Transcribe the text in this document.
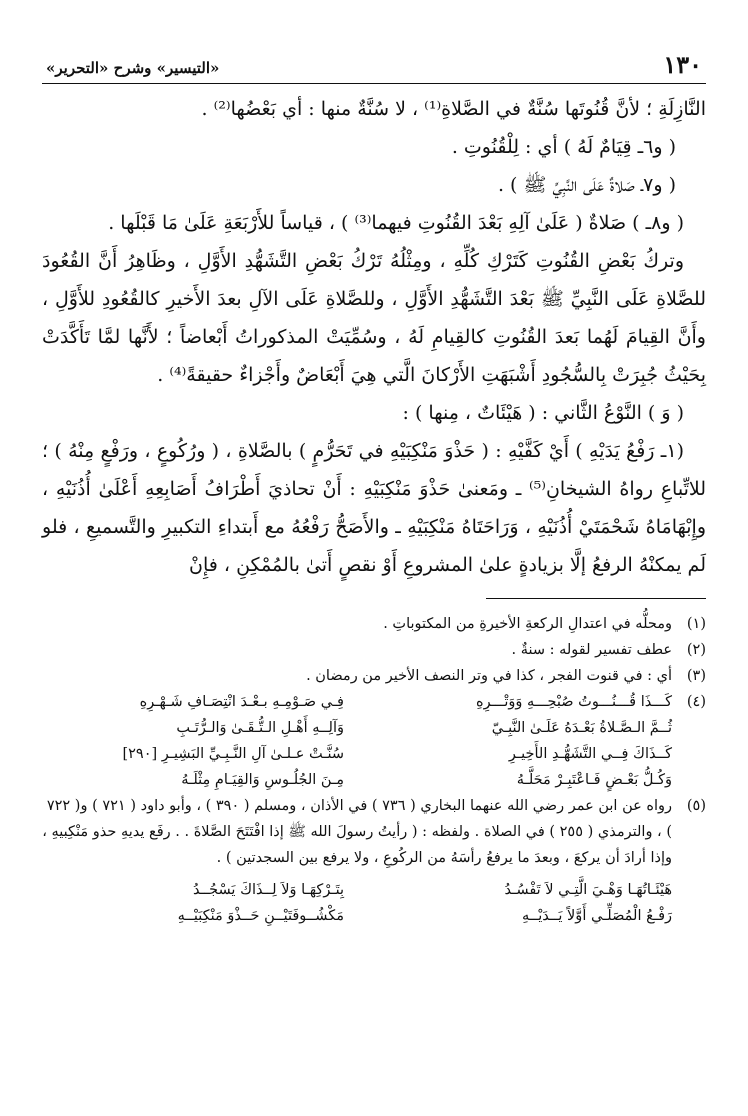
١٣٠
«التيسير» وشرح «التحرير»

النَّازِلَةِ ؛ لأنَّ قُنُوتَها سُنَّةٌ في الصَّلاةِ⁽¹⁾ ، لا سُنَّةٌ منها : أي بَعْضُها⁽²⁾ .

( و٦ـ قِيَامٌ لَهُ ) أي : لِلْقُنُوتِ .

( و٧ـ صَلاةٌ عَلَى النَّبِيِّ ﷺ ) .

( و٨ـ ) صَلاةٌ ( عَلَىٰ آلِهِ بَعْدَ القُنُوتِ فيهما⁽³⁾ ) ، قياساً للأَرْبَعَةِ عَلَىٰ مَا قَبْلَها .

وتركُ بَعْضِ القُنُوتِ كَتَرْكِ كُلِّهِ ، ومِثْلُهُ تَرْكُ بَعْضِ التَّشَهُّدِ الأَوَّلِ ، وظَاهِرُ أَنَّ القُعُودَ للصَّلاةِ عَلَى النَّبِيِّ ﷺ بَعْدَ التَّشَهُّدِ الأَوَّلِ ، وللصَّلاةِ عَلَى الآلِ بعدَ الأَخيرِ كالقُعُودِ للأَوَّلِ ، وأَنَّ القِيامَ لَهُما بَعدَ القُنُوتِ كالقِيامِ لَهُ ، وسُمِّيَتْ المذكوراتُ أَبْعاضاً ؛ لأَنَّها لمَّا تَأَكَّدَتْ بِحَيْثُ جُبِرَتْ بِالسُّجُودِ أَشْبَهَتِ الأَرْكانَ الَّتي هِيَ أَبْعَاضٌ وأَجْزاءٌ حقيقةً⁽⁴⁾ .

( وَ ) النَّوْعُ الثَّاني : ( هَيْئَاتٌ ، مِنها ) :

(١ـ رَفْعُ يَدَيْهِ ) أَيْ كَفَّيْهِ : ( حَذْوَ مَنْكِبَيْهِ في تَحَرُّمٍ ) بالصَّلاةِ ، ( ورُكُوعٍ ، ورَفْعٍ مِنْهُ ) ؛ للاتِّباعِ رواهُ الشيخانِ⁽⁵⁾ ـ ومَعنىٰ حَذْوَ مَنْكِبَيْهِ : أَنْ تحاذيَ أَطْرَافُ أَصَابِعِهِ أَعْلَىٰ أُذُنَيْهِ ، وإِبْهَامَاهُ شَحْمَتَيْ أُذُنَيْهِ ، وَرَاحَتَاهُ مَنْكِبَيْهِ ـ والأَصَحُّ رَفْعُهُ مع أَبتداءِ التكبيرِ والتَّسميعِ ، فلو لَم يمكنْهُ الرفعُ إلَّا بزيادةٍ علىٰ المشروعِ أَوْ نقصٍ أَتىٰ بالمُمْكِنِ ، فإِنْ

(١)
ومحلُّه في اعتدالِ الركعةِ الأخيرةِ من المكتوباتِ .
(٢)
عطف تفسير لقوله : سنةٌ .
(٣)
أي : في قنوت الفجر ، كذا في وتر النصف الأخير من رمضان .
(٤)
كَـــذَا قُـــنُـــوتُ صُبْحِـــهِ وَوَتْـــرِهِ
فِـي صَـوْمِـهِ بـعْـدَ انْتِصَـافِ شَـهْـرِهِ
ثُــمَّ الـصَّـلاةُ بَعْـدَهُ عَلَـىٰ النَّبِـيّ
وَآلِــهِ أَهْـلِ الـتُّـقَـىٰ وَالـرُّتَـبِ
كَــذَاكَ فِــي التَّشَهُّـدِ الأَخِيـرِ
سُنَّـتْ عـلـىٰ آلِ النَّـبِـيِّ البَشِيـرِ [٢٩٠]
وَكُـلُّ بَعْـضٍ فَـاعْتَبِـرْ مَحَلَّـهُ
مِـنَ الجُلُـوسِ وَالقِيَـامِ مِثْلَـهُ
(٥)
رواه عن ابن عمر رضي الله عنهما البخاري ( ٧٣٦ ) في الأذان ، ومسلم ( ٣٩٠ ) ، وأبو داود ( ٧٢١ ) و( ٧٢٢ ) ، والترمذي ( ٢٥٥ ) في الصلاة . ولفظه : ( رأيتُ رسولَ الله ﷺ إذا افْتَتَحَ الصَّلاةَ . . رفَع يديهِ حذو مَنْكِبيهِ ، وإذا أرادَ أن يركعَ ، وبعدَ ما يرفعُ رأسَهُ من الركُوعِ ، ولا يرفع بين السجدتين ) .
هَيْئَـاتُهَـا وَهْـيَ الَّتِـي لاَ تَفْسُـدُ
بِتَـرْكِهَـا وَلاَ لِــذَاكَ يَسْجُــدُ
رَفْـعُ الْمُصَلِّـي أَوَّلاً يَــدَيْــهِ
مَكْشُــوفَتَيْــنِ حَــذْوَ مَنْكِبَيْــهِ
